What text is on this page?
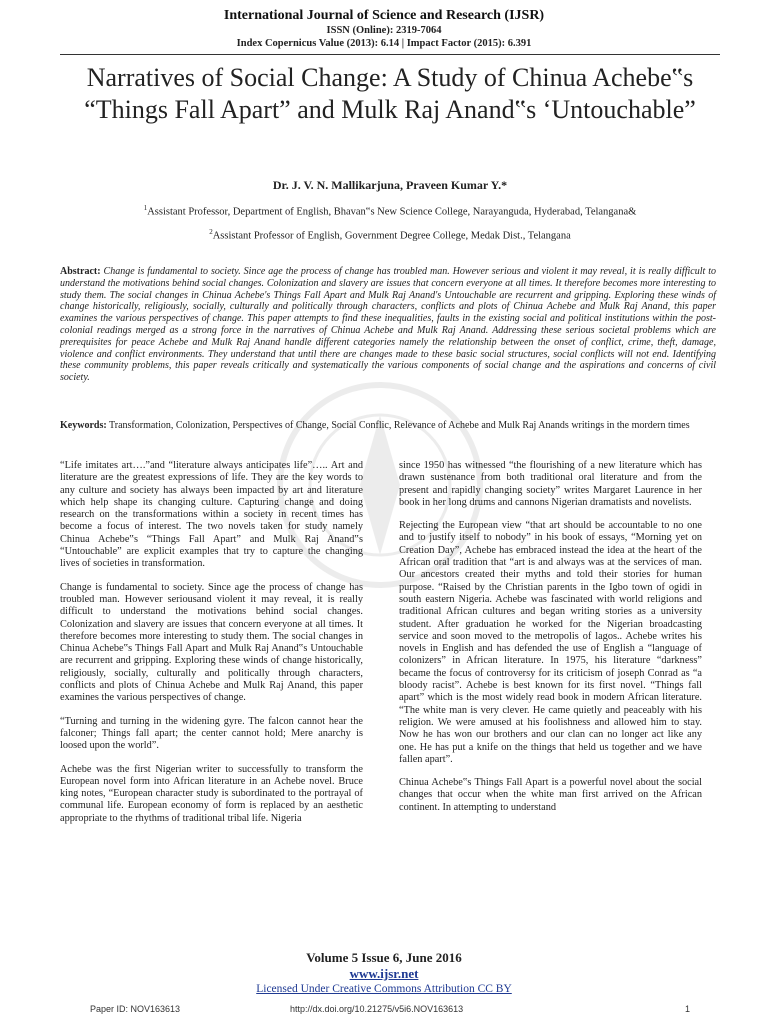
International Journal of Science and Research (IJSR)
ISSN (Online): 2319-7064
Index Copernicus Value (2013): 6.14 | Impact Factor (2015): 6.391
Narratives of Social Change: A Study of Chinua Achebe‟s “Things Fall Apart” and Mulk Raj Anand‟s ‘Untouchable”
Dr. J. V. N. Mallikarjuna, Praveen Kumar Y.*
$^1$Assistant Professor, Department of English, Bhavan‟s New Science College, Narayanguda, Hyderabad, Telangana&
$^2$Assistant Professor of English, Government Degree College, Medak Dist., Telangana
Abstract: Change is fundamental to society. Since age the process of change has troubled man. However serious and violent it may reveal, it is really difficult to understand the motivations behind social changes. Colonization and slavery are issues that concern everyone at all times. It therefore becomes more interesting to study them. The social changes in Chinua Achebe's Things Fall Apart and Mulk Raj Anand's Untouchable are recurrent and gripping. Exploring these winds of change historically, religiously, socially, culturally and politically through characters, conflicts and plots of Chinua Achebe and Mulk Raj Anand, this paper examines the various perspectives of change. This paper attempts to find these inequalities, faults in the existing social and political institutions within the post-colonial readings merged as a strong force in the narratives of Chinua Achebe and Mulk Raj Anand. Addressing these serious societal problems which are prerequisites for peace Achebe and Mulk Raj Anand handle different categories namely the relationship between the onset of conflict, crime, theft, damage, violence and conflict environments. They understand that until there are changes made to these basic social structures, social conflicts will not end. Identifying these community problems, this paper reveals critically and systematically the various components of social change and the aspirations and concerns of civil society.
Keywords: Transformation, Colonization, Perspectives of Change, Social Conflic, Relevance of Achebe and Mulk Raj Anands writings in the mordern times

“Life imitates art….”and “literature always anticipates life”….. Art and literature are the greatest expressions of life. They are the key words to any culture and society has always been impacted by art and literature which help shape its changing culture. Capturing change and doing research on the transformations within a society in recent times has become a focus of interest. The two novels taken for study namely Chinua Achebe‟s “Things Fall Apart” and Mulk Raj Anand‟s “Untouchable” are explicit examples that try to capture the changing lives of societies in transformation.

Change is fundamental to society. Since age the process of change has troubled man. However seriousand violent it may reveal, it is really difficult to understand the motivations behind social changes. Colonization and slavery are issues that concern everyone at all times. It therefore becomes more interesting to study them. The social changes in Chinua Achebe‟s Things Fall Apart and Mulk Raj Anand‟s Untouchable are recurrent and gripping. Exploring these winds of change historically, religiously, socially, culturally and politically through characters, conflicts and plots of Chinua Achebe and Mulk Raj Anand, this paper examines the various perspectives of change.

“Turning and turning in the widening gyre. The falcon cannot hear the falconer; Things fall apart; the center cannot hold; Mere anarchy is loosed upon the world”.

Achebe was the first Nigerian writer to successfully to transform the European novel form into African literature in an Achebe novel. Bruce king notes, “European character study is subordinated to the portrayal of communal life. European economy of form is replaced by an aesthetic appropriate to the rhythms of traditional tribal life. Nigeria

since 1950 has witnessed “the flourishing of a new literature which has drawn sustenance from both traditional oral literature and from the present and rapidly changing society” writes Margaret Laurence in her book in her long drums and cannons Nigerian dramatists and novelists.

Rejecting the European view “that art should be accountable to no one and to justify itself to nobody” in his book of essays, “Morning yet on Creation Day”, Achebe has embraced instead the idea at the heart of the African oral tradition that “art is and always was at the services of man. Our ancestors created their myths and told their stories for human purpose. “Raised by the Christian parents in the Igbo town of ogidi in south eastern Nigeria. Achebe was fascinated with world religions and traditional African cultures and began writing stories as a university student. After graduation he worked for the Nigerian broadcasting service and soon moved to the metropolis of lagos.. Achebe writes his novels in English and has defended the use of English a “language of colonizers” in African literature. In 1975, his literature “darkness” became the focus of controversy for its criticism of joseph Conrad as “a bloody racist”. Achebe is best known for its first novel. “Things fall apart” which is the most widely read book in modern African literature. “The white man is very clever. He came quietly and peaceably with his religion. We were amused at his foolishness and allowed him to stay. Now he has won our brothers and our clan can no longer act like any one. He has put a knife on the things that held us together and we have fallen apart”.

Chinua Achebe‟s Things Fall Apart is a powerful novel about the social changes that occur when the white man first arrived on the African continent. In attempting to understand

Volume 5 Issue 6, June 2016
www.ijsr.net
Licensed Under Creative Commons Attribution CC BY
Paper ID: NOV163613	http://dx.doi.org/10.21275/v5i6.NOV163613	1
